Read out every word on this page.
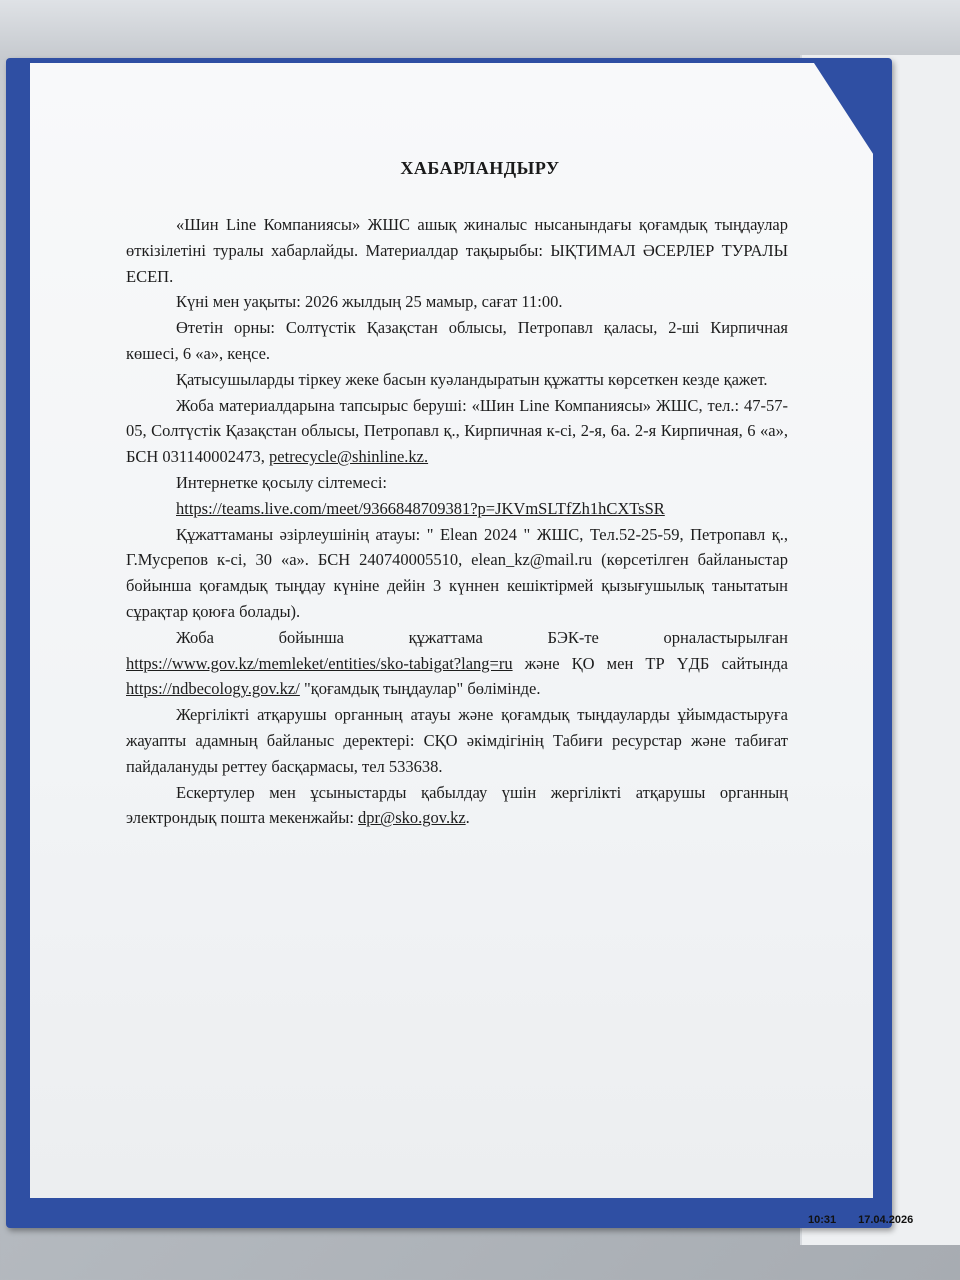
ХАБАРЛАНДЫРУ

«Шин Line Компаниясы» ЖШС ашық жиналыс нысанындағы қоғамдық тыңдаулар өткізілетіні туралы хабарлайды. Материалдар тақырыбы: ЫҚТИМАЛ ӘСЕРЛЕР ТУРАЛЫ ЕСЕП.

Күні мен уақыты: 2026 жылдың 25 мамыр, сағат 11:00.

Өтетін орны: Солтүстік Қазақстан облысы, Петропавл қаласы, 2-ші Кирпичная көшесі, 6 «а», кеңсе.

Қатысушыларды тіркеу жеке басын куәландыратын құжатты көрсеткен кезде қажет.

Жоба материалдарына тапсырыс беруші: «Шин Line Компаниясы» ЖШС, тел.: 47-57-05, Солтүстік Қазақстан облысы, Петропавл қ., Кирпичная к-сі, 2-я, 6а. 2-я Кирпичная, 6 «а», БСН 031140002473, petrecycle@shinline.kz.

Интернетке қосылу сілтемесі:

https://teams.live.com/meet/9366848709381?p=JKVmSLTfZh1hCXTsSR

Құжаттаманы әзірлеушінің атауы: " Elean 2024 " ЖШС, Тел.52-25-59, Петропавл қ., Г.Мусрепов к-сі, 30 «а». БСН 240740005510, elean_kz@mail.ru (көрсетілген байланыстар бойынша қоғамдық тыңдау күніне дейін 3 күннен кешіктірмей қызығушылық танытатын сұрақтар қоюға болады).

Жоба бойынша құжаттама БЭК-те орналастырылған https://www.gov.kz/memleket/entities/sko-tabigat?lang=ru және ҚО мен ТР ҮДБ сайтында https://ndbecology.gov.kz/ "қоғамдық тыңдаулар" бөлімінде.

Жергілікті атқарушы органның атауы және қоғамдық тыңдауларды ұйымдастыруға жауапты адамның байланыс деректері: СҚО әкімдігінің Табиғи ресурстар және табиғат пайдалануды реттеу басқармасы, тел 533638.

Ескертулер мен ұсыныстарды қабылдау үшін жергілікті атқарушы органның электрондық пошта мекенжайы: dpr@sko.gov.kz.

10:31 17.04.2026
